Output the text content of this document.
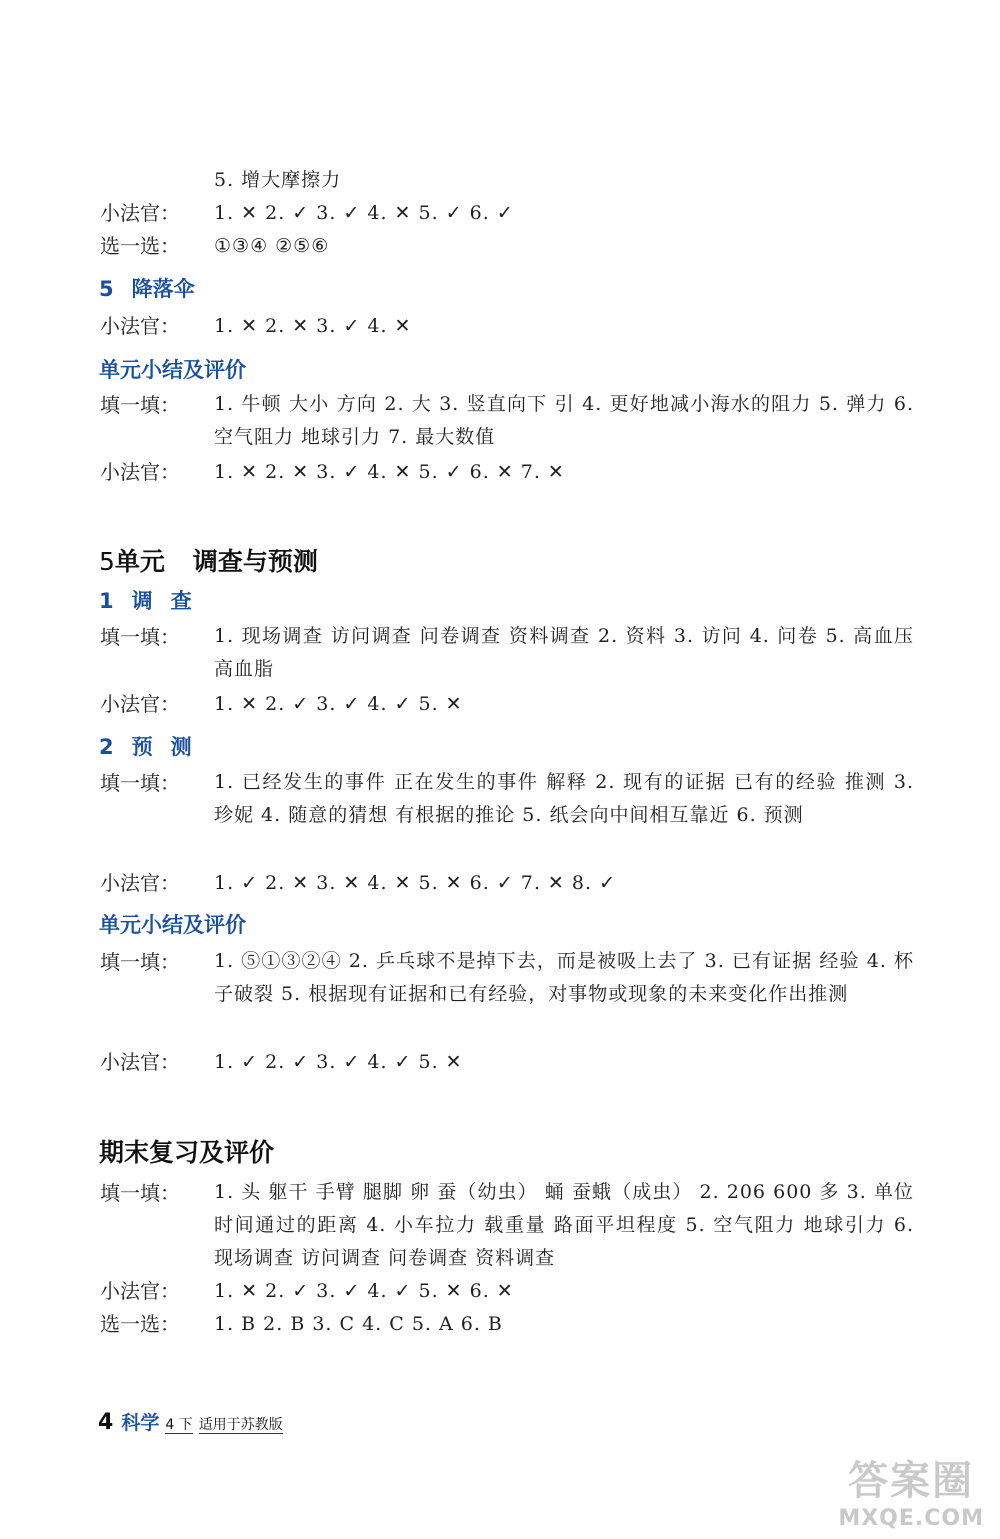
5. 增大摩擦力
小法官： 1. ✕ 2. ✓ 3. ✓ 4. ✕ 5. ✓ 6. ✓
选一选： ①③④ ②⑤⑥
5 降落伞
小法官： 1. ✕ 2. ✕ 3. ✓ 4. ✕
单元小结及评价
填一填： 1. 牛顿 大小 方向 2. 大 3. 竖直向下 引 4. 更好地减小海水的阻力 5. 弹力 6. 空气阻力 地球引力 7. 最大数值
小法官： 1. ✕ 2. ✕ 3. ✓ 4. ✕ 5. ✓ 6. ✕ 7. ✕
5单元 调查与预测
1 调查
填一填： 1. 现场调查 访问调查 问卷调查 资料调查 2. 资料 3. 访问 4. 问卷 5. 高血压 高血脂
小法官： 1. ✕ 2. ✓ 3. ✓ 4. ✓ 5. ✕
2 预测
填一填： 1. 已经发生的事件 正在发生的事件 解释 2. 现有的证据 已有的经验 推测 3. 珍妮 4. 随意的猜想 有根据的推论 5. 纸会向中间相互靠近 6. 预测
小法官： 1. ✓ 2. ✕ 3. ✕ 4. ✕ 5. ✕ 6. ✓ 7. ✕ 8. ✓
单元小结及评价
填一填： 1. ⑤①③②④ 2. 乒乓球不是掉下去，而是被吸上去了 3. 已有证据 经验 4. 杯子破裂 5. 根据现有证据和已有经验，对事物或现象的未来变化作出推测
小法官： 1. ✓ 2. ✓ 3. ✓ 4. ✓ 5. ✕
期末复习及评价
填一填： 1. 头 躯干 手臂 腿脚 卵 蚕（幼虫） 蛹 蚕蛾（成虫） 2. 206 600 多 3. 单位时间通过的距离 4. 小车拉力 载重量 路面平坦程度 5. 空气阻力 地球引力 6. 现场调查 访问调查 问卷调查 资料调查
小法官： 1. ✕ 2. ✓ 3. ✓ 4. ✓ 5. ✕ 6. ✕
选一选： 1. B 2. B 3. C 4. C 5. A 6. B
4 科学 4 下 适用于苏教版
答案圈
MXQE.COM
